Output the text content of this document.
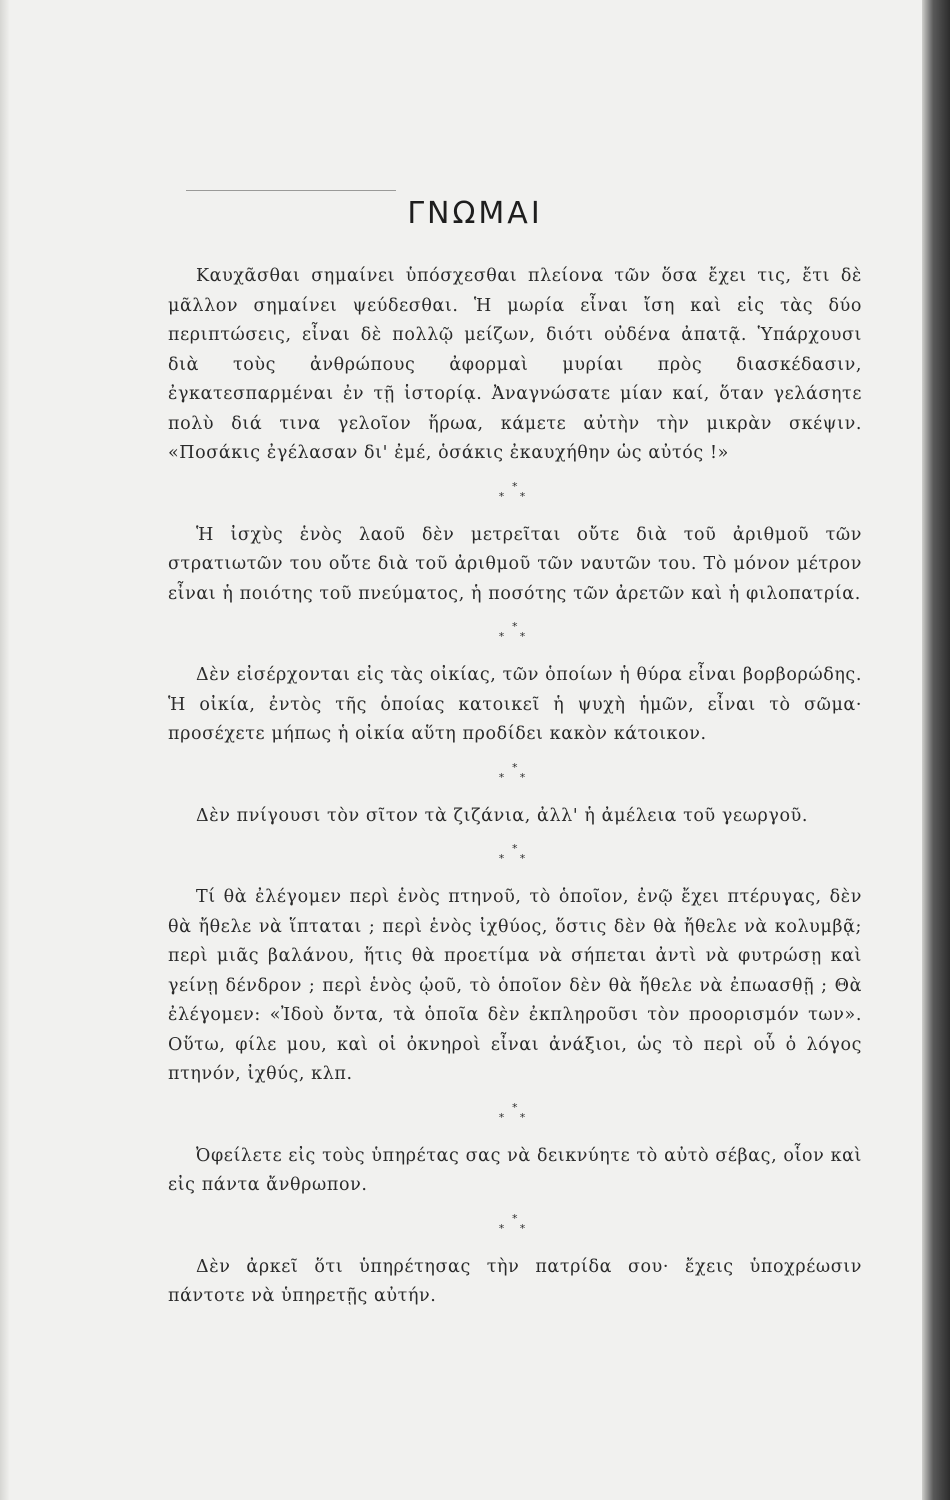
ΓΝΩΜΑΙ

Καυχᾶσθαι σημαίνει ὑπόσχεσθαι πλείονα τῶν ὅσα ἔχει τις, ἔτι δὲ μᾶλλον σημαίνει ψεύδεσθαι. Ἡ μωρία εἶναι ἴση καὶ εἰς τὰς δύο περιπτώσεις, εἶναι δὲ πολλῷ μείζων, διότι οὐδένα ἀπατᾷ. Ὑπάρχουσι διὰ τοὺς ἀνθρώπους ἀφορμαὶ μυρίαι πρὸς διασκέδασιν, ἐγκατεσπαρμέναι ἐν τῇ ἱστορίᾳ. Ἀναγνώσατε μίαν καί, ὅταν γελάσητε πολὺ διά τινα γελοῖον ἥρωα, κάμετε αὐτὴν τὴν μικρὰν σκέψιν. «Ποσάκις ἐγέλασαν δι' ἐμέ, ὁσάκις ἐκαυχήθην ὡς αὐτός !»

*
* *

Ἡ ἰσχὺς ἑνὸς λαοῦ δὲν μετρεῖται οὔτε διὰ τοῦ ἀριθμοῦ τῶν στρατιωτῶν του οὔτε διὰ τοῦ ἀριθμοῦ τῶν ναυτῶν του. Τὸ μόνον μέτρον εἶναι ἡ ποιότης τοῦ πνεύματος, ἡ ποσότης τῶν ἀρετῶν καὶ ἡ φιλοπατρία.

*
* *

Δὲν εἰσέρχονται εἰς τὰς οἰκίας, τῶν ὁποίων ἡ θύρα εἶναι βορβορώδης. Ἡ οἰκία, ἐντὸς τῆς ὁποίας κατοικεῖ ἡ ψυχὴ ἡμῶν, εἶναι τὸ σῶμα· προσέχετε μήπως ἡ οἰκία αὕτη προδίδει κακὸν κάτοικον.

*
* *

Δὲν πνίγουσι τὸν σῖτον τὰ ζιζάνια, ἀλλ' ἡ ἀμέλεια τοῦ γεωργοῦ.

*
* *

Τί θὰ ἐλέγομεν περὶ ἑνὸς πτηνοῦ, τὸ ὁποῖον, ἐνῷ ἔχει πτέρυγας, δὲν θὰ ἤθελε νὰ ἵπταται ; περὶ ἑνὸς ἰχθύος, ὅστις δὲν θὰ ἤθελε νὰ κολυμβᾷ; περὶ μιᾶς βαλάνου, ἥτις θὰ προετίμα νὰ σήπεται ἀντὶ νὰ φυτρώσῃ καὶ γείνῃ δένδρον ; περὶ ἑνὸς ᾠοῦ, τὸ ὁποῖον δὲν θὰ ἤθελε νὰ ἐπωασθῇ ; Θὰ ἐλέγομεν: «Ἰδοὺ ὄντα, τὰ ὁποῖα δὲν ἐκπληροῦσι τὸν προορισμόν των». Οὕτω, φίλε μου, καὶ οἱ ὀκνηροὶ εἶναι ἀνάξιοι, ὡς τὸ περὶ οὗ ὁ λόγος πτηνόν, ἰχθύς, κλπ.

*
* *

Ὀφείλετε εἰς τοὺς ὑπηρέτας σας νὰ δεικνύητε τὸ αὐτὸ σέβας, οἷον καὶ εἰς πάντα ἄνθρωπον.

*
* *

Δὲν ἀρκεῖ ὅτι ὑπηρέτησας τὴν πατρίδα σου· ἔχεις ὑποχρέωσιν πάντοτε νὰ ὑπηρετῇς αὐτήν.
